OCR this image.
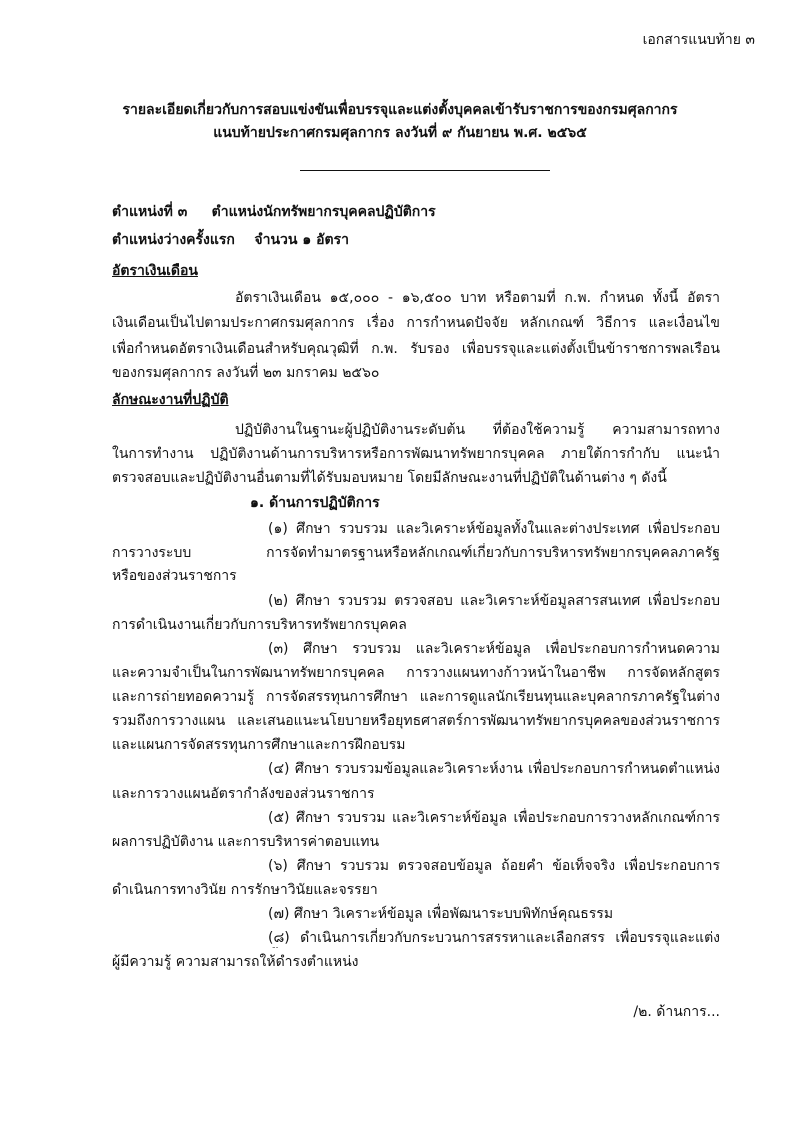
เอกสารแนบท้าย ๓
รายละเอียดเกี่ยวกับการสอบแข่งขันเพื่อบรรจุและแต่งตั้งบุคคลเข้ารับราชการของกรมศุลกากร
แนบท้ายประกาศกรมศุลกากร ลงวันที่ ๙ กันยายน พ.ศ. ๒๕๖๕
ตำแหน่งที่ ๓     ตำแหน่งนักทรัพยากรบุคคลปฏิบัติการ
ตำแหน่งว่างครั้งแรก    จำนวน ๑ อัตรา
อัตราเงินเดือน
อัตราเงินเดือน ๑๕,๐๐๐ - ๑๖,๕๐๐ บาท หรือตามที่ ก.พ. กำหนด ทั้งนี้ อัตรา
เงินเดือนเป็นไปตามประกาศกรมศุลกากร เรื่อง การกำหนดปัจจัย หลักเกณฑ์ วิธีการ และเงื่อนไข
เพื่อกำหนดอัตราเงินเดือนสำหรับคุณวุฒิที่ ก.พ. รับรอง เพื่อบรรจุและแต่งตั้งเป็นข้าราชการพลเรือน
ของกรมศุลกากร ลงวันที่ ๒๓ มกราคม ๒๕๖๐
ลักษณะงานที่ปฏิบัติ
ปฏิบัติงานในฐานะผู้ปฏิบัติงานระดับต้น ที่ต้องใช้ความรู้ ความสามารถทาง
ในการทำงาน ปฏิบัติงานด้านการบริหารหรือการพัฒนาทรัพยากรบุคคล ภายใต้การกำกับ แนะนำ
ตรวจสอบและปฏิบัติงานอื่นตามที่ได้รับมอบหมาย โดยมีลักษณะงานที่ปฏิบัติในด้านต่าง ๆ ดังนี้
๑. ด้านการปฏิบัติการ
(๑) ศึกษา รวบรวม และวิเคราะห์ข้อมูลทั้งในและต่างประเทศ เพื่อประกอบ
การวางระบบ การจัดทำมาตรฐานหรือหลักเกณฑ์เกี่ยวกับการบริหารทรัพยากรบุคคลภาครัฐ
หรือของส่วนราชการ
(๒) ศึกษา รวบรวม ตรวจสอบ และวิเคราะห์ข้อมูลสารสนเทศ เพื่อประกอบ
การดำเนินงานเกี่ยวกับการบริหารทรัพยากรบุคคล
(๓) ศึกษา รวบรวม และวิเคราะห์ข้อมูล เพื่อประกอบการกำหนดความ
และความจำเป็นในการพัฒนาทรัพยากรบุคคล การวางแผนทางก้าวหน้าในอาชีพ การจัดหลักสูตร
และการถ่ายทอดความรู้ การจัดสรรทุนการศึกษา และการดูแลนักเรียนทุนและบุคลากรภาครัฐในต่าง
รวมถึงการวางแผน และเสนอแนะนโยบายหรือยุทธศาสตร์การพัฒนาทรัพยากรบุคคลของส่วนราชการ
และแผนการจัดสรรทุนการศึกษาและการฝึกอบรม
(๔) ศึกษา รวบรวมข้อมูลและวิเคราะห์งาน เพื่อประกอบการกำหนดตำแหน่ง
และการวางแผนอัตรากำลังของส่วนราชการ
(๕) ศึกษา รวบรวม และวิเคราะห์ข้อมูล เพื่อประกอบการวางหลักเกณฑ์การ
ผลการปฏิบัติงาน และการบริหารค่าตอบแทน
(๖) ศึกษา รวบรวม ตรวจสอบข้อมูล ถ้อยคำ ข้อเท็จจริง เพื่อประกอบการ
ดำเนินการทางวินัย การรักษาวินัยและจรรยา
(๗) ศึกษา วิเคราะห์ข้อมูล เพื่อพัฒนาระบบพิทักษ์คุณธรรม
(๘) ดำเนินการเกี่ยวกับกระบวนการสรรหาและเลือกสรร เพื่อบรรจุและแต่ง
ผู้มีความรู้ ความสามารถให้ดำรงตำแหน่ง
/๒. ด้านการ...
